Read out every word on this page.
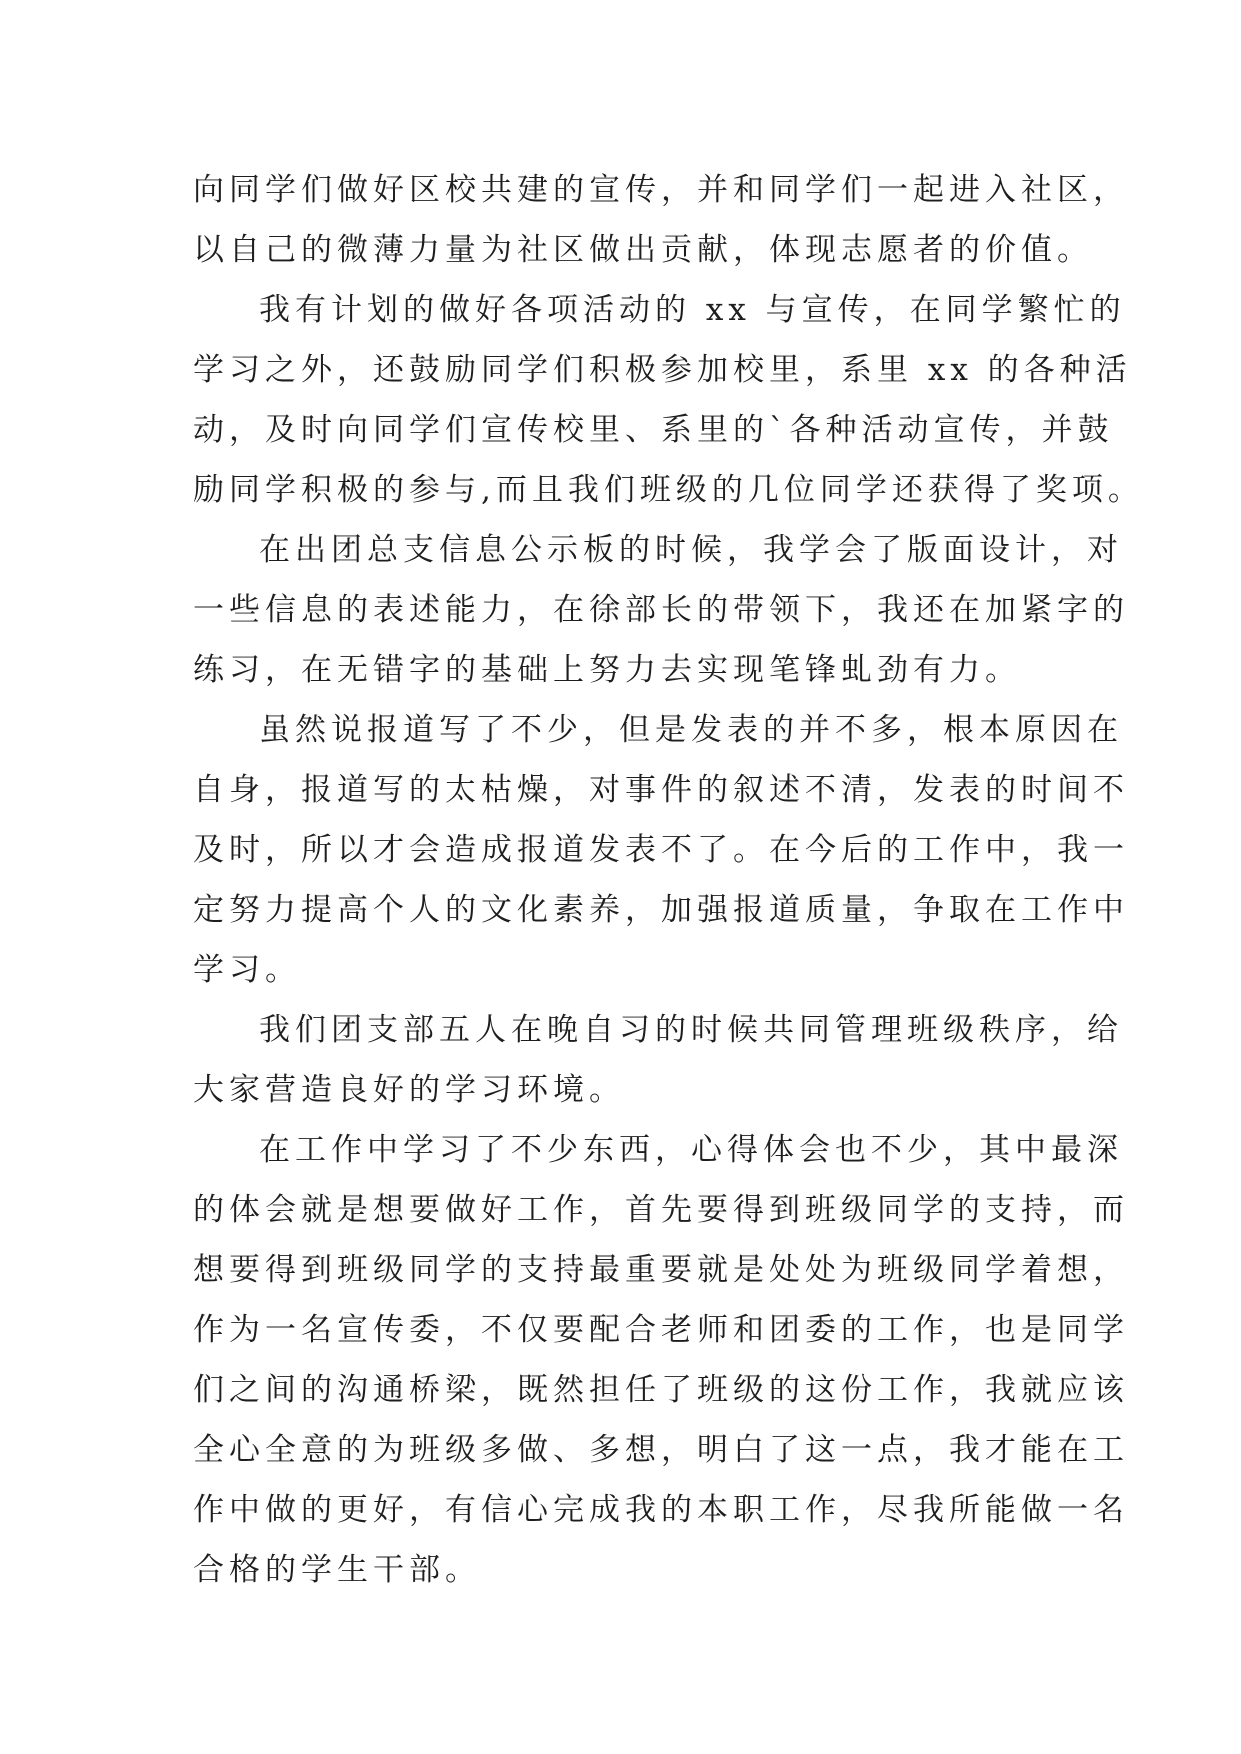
向同学们做好区校共建的宣传，并和同学们一起进入社区，
以自己的微薄力量为社区做出贡献，体现志愿者的价值。
我有计划的做好各项活动的 xx 与宣传，在同学繁忙的
学习之外，还鼓励同学们积极参加校里，系里 xx 的各种活
动，及时向同学们宣传校里、系里的`各种活动宣传，并鼓
励同学积极的参与,而且我们班级的几位同学还获得了奖项。
在出团总支信息公示板的时候，我学会了版面设计，对
一些信息的表述能力，在徐部长的带领下，我还在加紧字的
练习，在无错字的基础上努力去实现笔锋虬劲有力。
虽然说报道写了不少，但是发表的并不多，根本原因在
自身，报道写的太枯燥，对事件的叙述不清，发表的时间不
及时，所以才会造成报道发表不了。在今后的工作中，我一
定努力提高个人的文化素养，加强报道质量，争取在工作中
学习。
我们团支部五人在晚自习的时候共同管理班级秩序，给
大家营造良好的学习环境。
在工作中学习了不少东西，心得体会也不少，其中最深
的体会就是想要做好工作，首先要得到班级同学的支持，而
想要得到班级同学的支持最重要就是处处为班级同学着想，
作为一名宣传委，不仅要配合老师和团委的工作，也是同学
们之间的沟通桥梁，既然担任了班级的这份工作，我就应该
全心全意的为班级多做、多想，明白了这一点，我才能在工
作中做的更好，有信心完成我的本职工作，尽我所能做一名
合格的学生干部。
